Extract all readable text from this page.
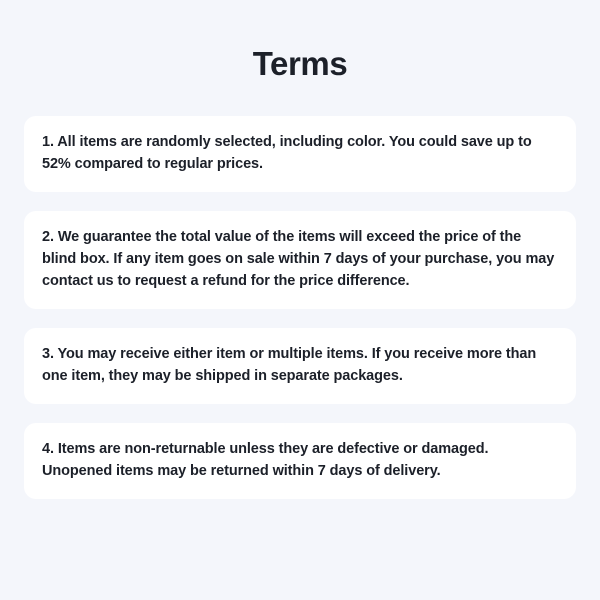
Terms

1. All items are randomly selected, including color. You could save up to 52% compared to regular prices.

2. We guarantee the total value of the items will exceed the price of the blind box. If any item goes on sale within 7 days of your purchase, you may contact us to request a refund for the price difference.

3. You may receive either item or multiple items. If you receive more than one item, they may be shipped in separate packages.

4. Items are non-returnable unless they are defective or damaged. Unopened items may be returned within 7 days of delivery.
